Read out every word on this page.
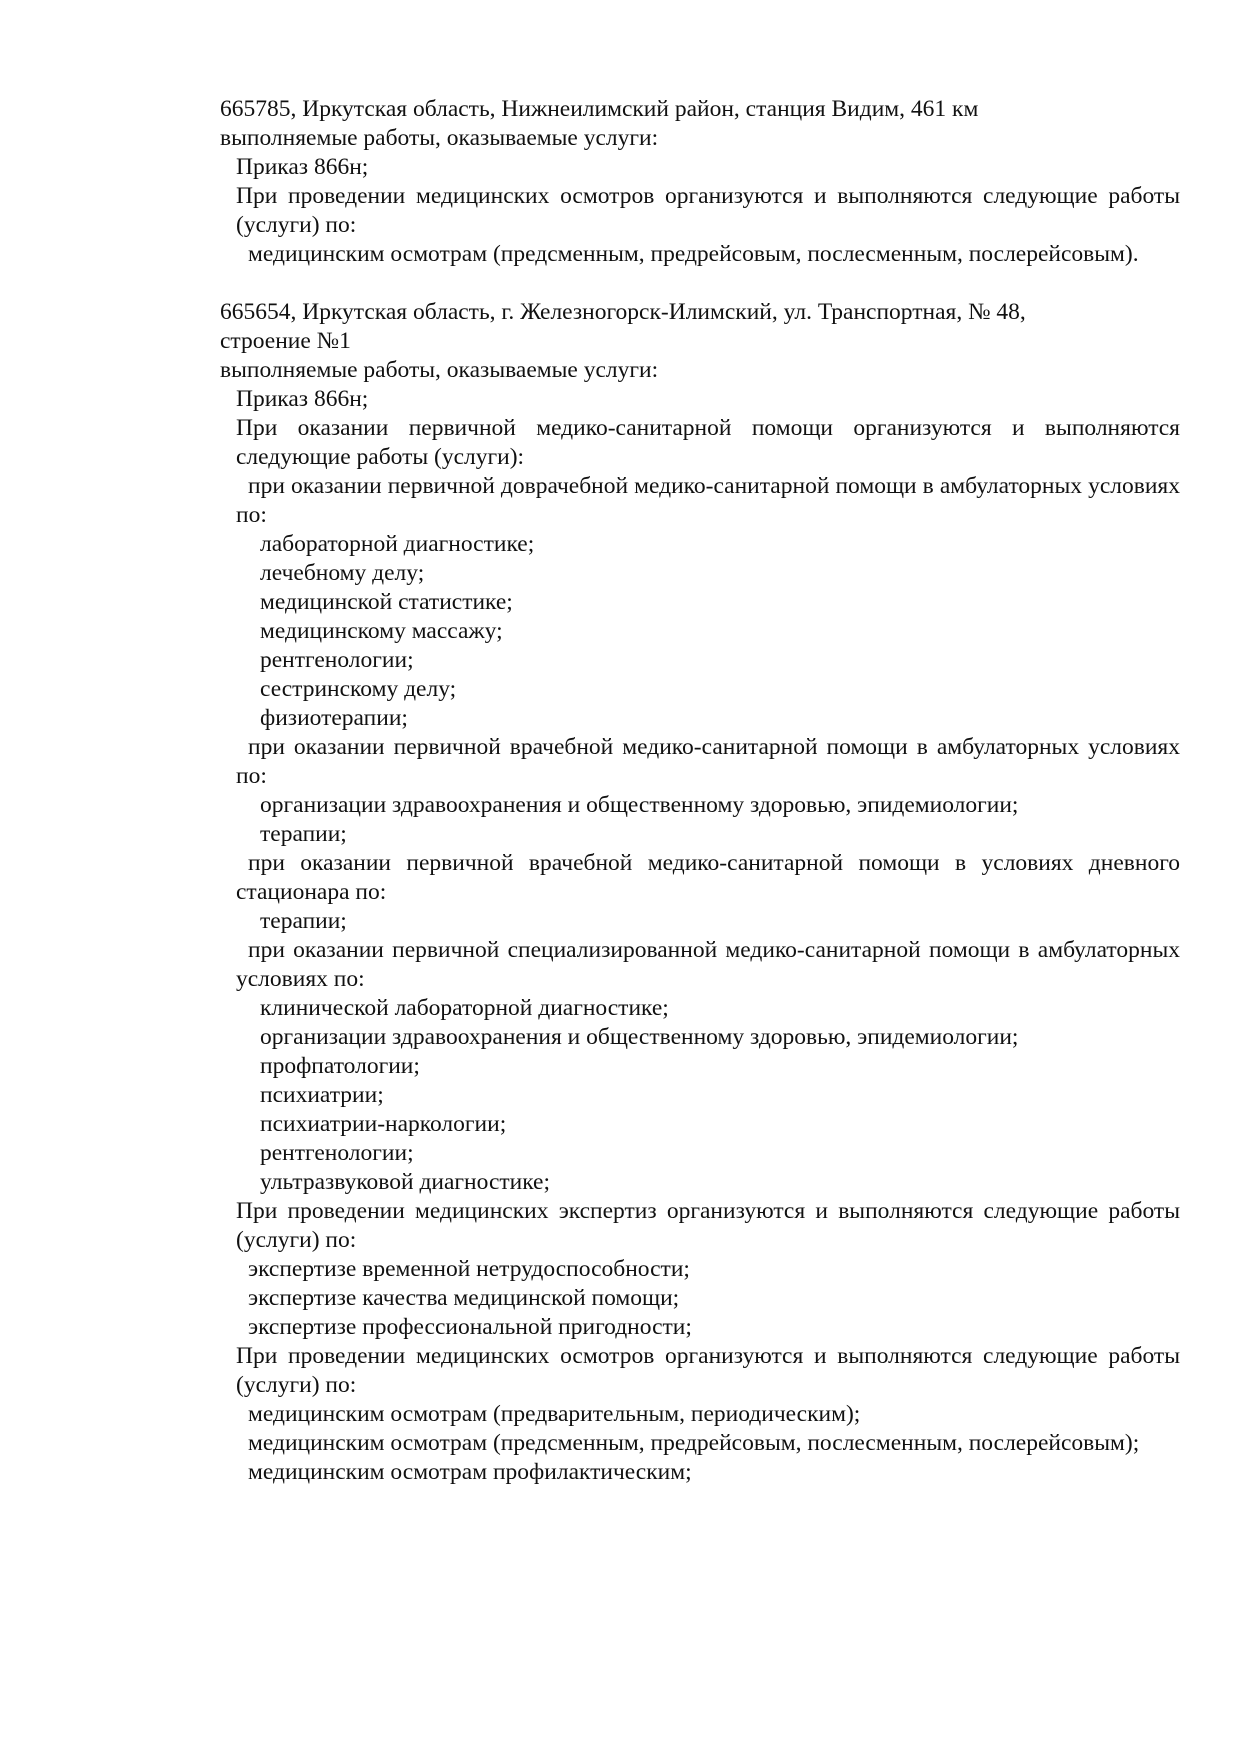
665785, Иркутская область, Нижнеилимский район, станция Видим, 461 км
выполняемые работы, оказываемые услуги:
Приказ 866н;
При проведении медицинских осмотров организуются и выполняются следующие работы (услуги) по:
медицинским осмотрам (предсменным, предрейсовым, послесменным, послерейсовым).
665654, Иркутская область, г. Железногорск-Илимский, ул. Транспортная, № 48,
строение №1
выполняемые работы, оказываемые услуги:
Приказ 866н;
При оказании первичной медико-санитарной помощи организуются и выполняются следующие работы (услуги):
при оказании первичной доврачебной медико-санитарной помощи в амбулаторных условиях по:
лабораторной диагностике;
лечебному делу;
медицинской статистике;
медицинскому массажу;
рентгенологии;
сестринскому делу;
физиотерапии;
при оказании первичной врачебной медико-санитарной помощи в амбулаторных условиях по:
организации здравоохранения и общественному здоровью, эпидемиологии;
терапии;
при оказании первичной врачебной медико-санитарной помощи в условиях дневного стационара по:
терапии;
при оказании первичной специализированной медико-санитарной помощи в амбулаторных условиях по:
клинической лабораторной диагностике;
организации здравоохранения и общественному здоровью, эпидемиологии;
профпатологии;
психиатрии;
психиатрии-наркологии;
рентгенологии;
ультразвуковой диагностике;
При проведении медицинских экспертиз организуются и выполняются следующие работы (услуги) по:
экспертизе временной нетрудоспособности;
экспертизе качества медицинской помощи;
экспертизе профессиональной пригодности;
При проведении медицинских осмотров организуются и выполняются следующие работы (услуги) по:
медицинским осмотрам (предварительным, периодическим);
медицинским осмотрам (предсменным, предрейсовым, послесменным, послерейсовым);
медицинским осмотрам профилактическим;
